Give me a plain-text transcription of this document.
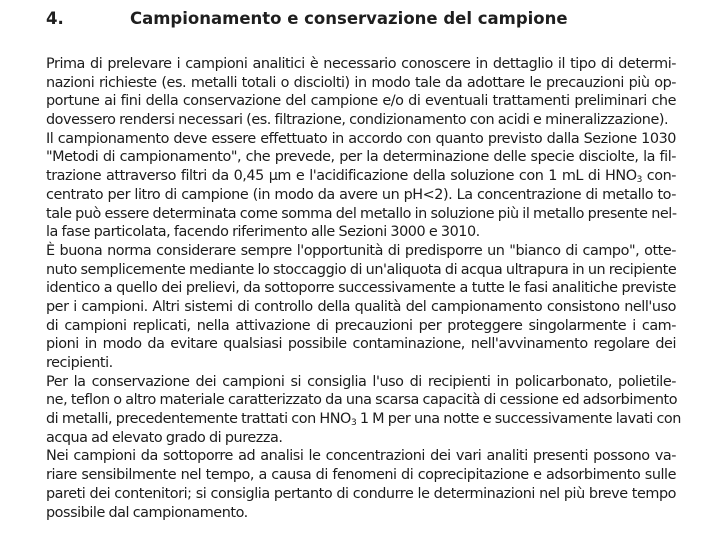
4.	Campionamento e conservazione del campione
Prima di prelevare i campioni analitici è necessario conoscere in dettaglio il tipo di determi-
nazioni richieste (es. metalli totali o disciolti) in modo tale da adottare le precauzioni più op-
portune ai fini della conservazione del campione e/o di eventuali trattamenti preliminari che
dovessero rendersi necessari (es. filtrazione, condizionamento con acidi e mineralizzazione).
Il campionamento deve essere effettuato in accordo con quanto previsto dalla Sezione 1030
"Metodi di campionamento", che prevede, per la determinazione delle specie disciolte, la fil-
trazione attraverso filtri da 0,45 µm e l'acidificazione della soluzione con 1 mL di $HNO_3$ con-
centrato per litro di campione (in modo da avere un pH<2). La concentrazione di metallo to-
tale può essere determinata come somma del metallo in soluzione più il metallo presente nel-
la fase particolata, facendo riferimento alle Sezioni 3000 e 3010.
È buona norma considerare sempre l'opportunità di predisporre un "bianco di campo", otte-
nuto semplicemente mediante lo stoccaggio di un'aliquota di acqua ultrapura in un recipiente
identico a quello dei prelievi, da sottoporre successivamente a tutte le fasi analitiche previste
per i campioni. Altri sistemi di controllo della qualità del campionamento consistono nell'uso
di campioni replicati, nella attivazione di precauzioni per proteggere singolarmente i cam-
pioni in modo da evitare qualsiasi possibile contaminazione, nell'avvinamento regolare dei
recipienti.
Per la conservazione dei campioni si consiglia l'uso di recipienti in policarbonato, polietile-
ne, teflon o altro materiale caratterizzato da una scarsa capacità di cessione ed adsorbimento
di metalli, precedentemente trattati con $HNO_3$ 1 M per una notte e successivamente lavati con
acqua ad elevato grado di purezza.
Nei campioni da sottoporre ad analisi le concentrazioni dei vari analiti presenti possono va-
riare sensibilmente nel tempo, a causa di fenomeni di coprecipitazione e adsorbimento sulle
pareti dei contenitori; si consiglia pertanto di condurre le determinazioni nel più breve tempo
possibile dal campionamento.
